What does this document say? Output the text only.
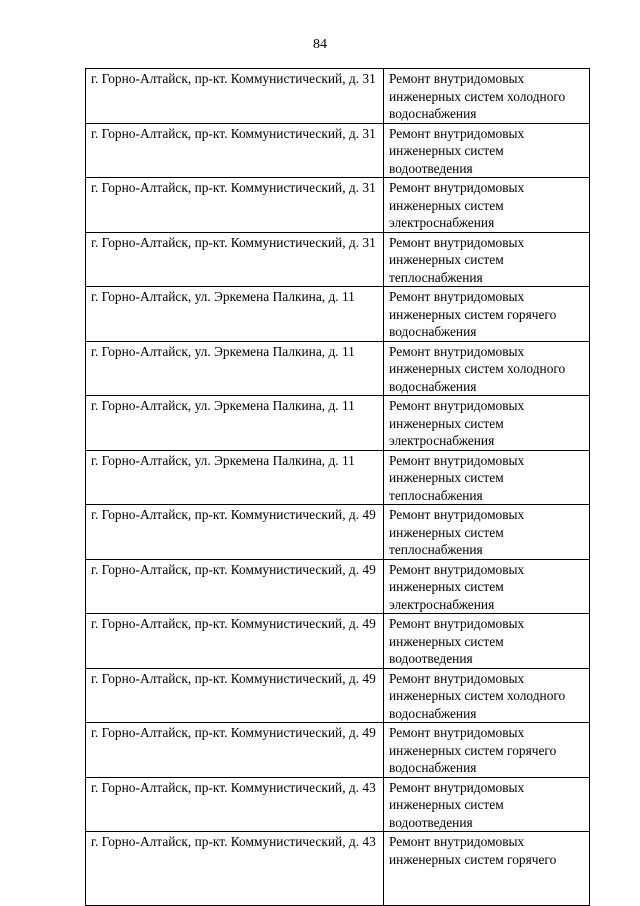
84
г. Горно-Алтайск, пр-кт. Коммунистический, д. 31	Ремонт внутридомовых инженерных систем холодного водоснабжения
г. Горно-Алтайск, пр-кт. Коммунистический, д. 31	Ремонт внутридомовых инженерных систем водоотведения
г. Горно-Алтайск, пр-кт. Коммунистический, д. 31	Ремонт внутридомовых инженерных систем электроснабжения
г. Горно-Алтайск, пр-кт. Коммунистический, д. 31	Ремонт внутридомовых инженерных систем теплоснабжения
г. Горно-Алтайск, ул. Эркемена Палкина, д. 11	Ремонт внутридомовых инженерных систем горячего водоснабжения
г. Горно-Алтайск, ул. Эркемена Палкина, д. 11	Ремонт внутридомовых инженерных систем холодного водоснабжения
г. Горно-Алтайск, ул. Эркемена Палкина, д. 11	Ремонт внутридомовых инженерных систем электроснабжения
г. Горно-Алтайск, ул. Эркемена Палкина, д. 11	Ремонт внутридомовых инженерных систем теплоснабжения
г. Горно-Алтайск, пр-кт. Коммунистический, д. 49	Ремонт внутридомовых инженерных систем теплоснабжения
г. Горно-Алтайск, пр-кт. Коммунистический, д. 49	Ремонт внутридомовых инженерных систем электроснабжения
г. Горно-Алтайск, пр-кт. Коммунистический, д. 49	Ремонт внутридомовых инженерных систем водоотведения
г. Горно-Алтайск, пр-кт. Коммунистический, д. 49	Ремонт внутридомовых инженерных систем холодного водоснабжения
г. Горно-Алтайск, пр-кт. Коммунистический, д. 49	Ремонт внутридомовых инженерных систем горячего водоснабжения
г. Горно-Алтайск, пр-кт. Коммунистический, д. 43	Ремонт внутридомовых инженерных систем водоотведения
г. Горно-Алтайск, пр-кт. Коммунистический, д. 43	Ремонт внутридомовых инженерных систем горячего
